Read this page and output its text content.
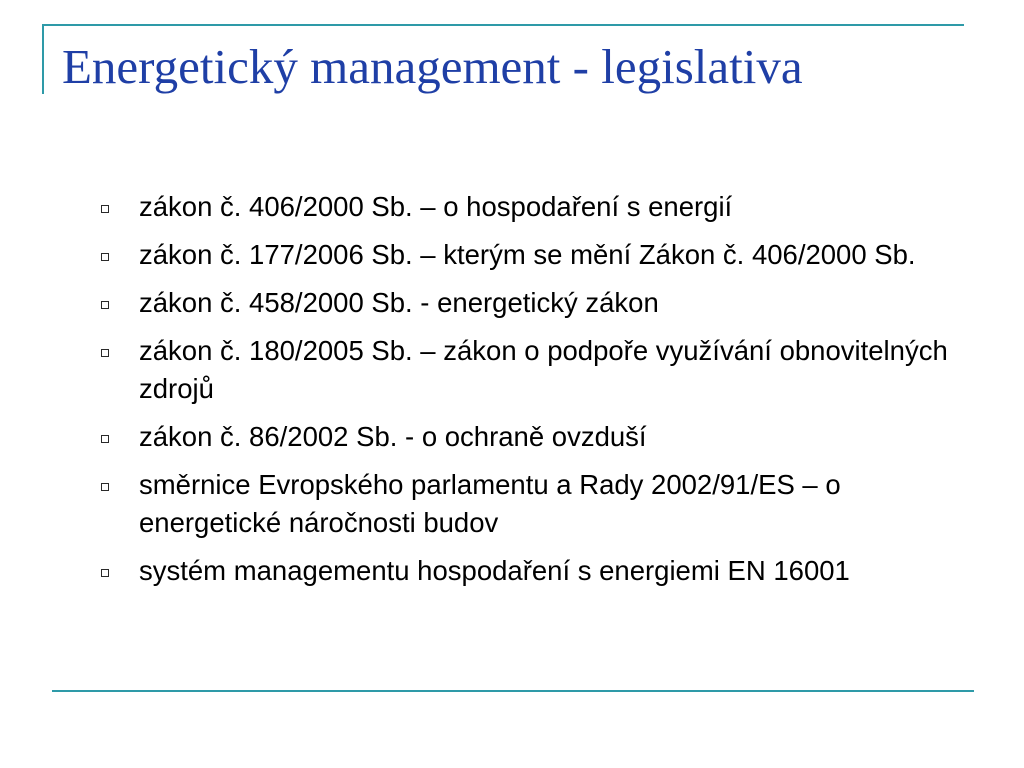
Energetický management - legislativa
zákon č. 406/2000 Sb. – o hospodaření s energií
zákon č. 177/2006 Sb. – kterým se mění Zákon č. 406/2000 Sb.
zákon č. 458/2000 Sb. - energetický zákon
zákon č. 180/2005 Sb. – zákon o podpoře využívání obnovitelných zdrojů
zákon č. 86/2002 Sb. - o ochraně ovzduší
směrnice Evropského parlamentu a Rady 2002/91/ES – o energetické náročnosti budov
systém managementu hospodaření s energiemi EN 16001
